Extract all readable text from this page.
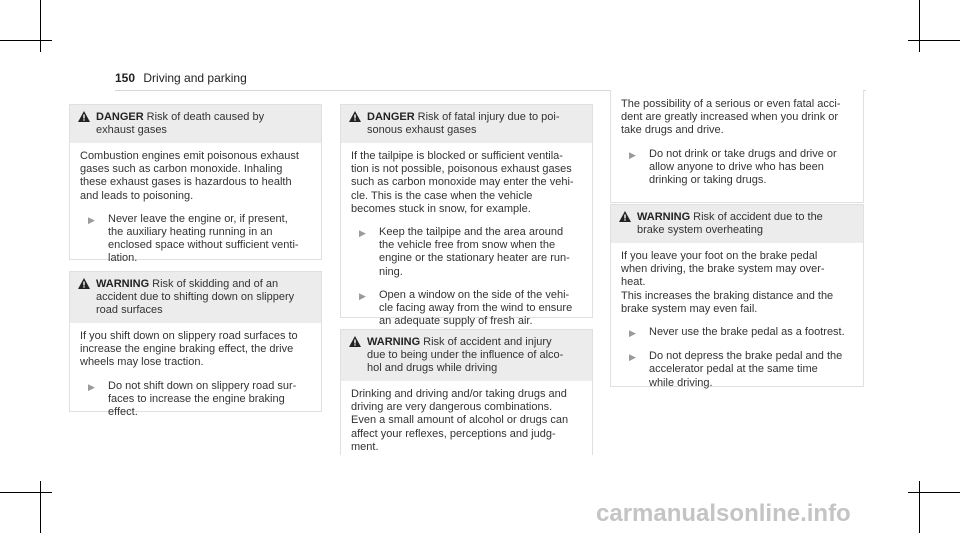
150 Driving and parking
DANGER Risk of death caused by
exhaust gases
Combustion engines emit poisonous exhaust
gases such as carbon monoxide. Inhaling
these exhaust gases is hazardous to health
and leads to poisoning.
▶	Never leave the engine or, if present,
the auxiliary heating running in an
enclosed space without sufficient venti-
lation.
WARNING Risk of skidding and of an
accident due to shifting down on slippery
road surfaces
If you shift down on slippery road surfaces to
increase the engine braking effect, the drive
wheels may lose traction.
▶	Do not shift down on slippery road sur-
faces to increase the engine braking
effect.
DANGER Risk of fatal injury due to poi-
sonous exhaust gases
If the tailpipe is blocked or sufficient ventila-
tion is not possible, poisonous exhaust gases
such as carbon monoxide may enter the vehi-
cle. This is the case when the vehicle
becomes stuck in snow, for example.
▶	Keep the tailpipe and the area around
the vehicle free from snow when the
engine or the stationary heater are run-
ning.
▶	Open a window on the side of the vehi-
cle facing away from the wind to ensure
an adequate supply of fresh air.
WARNING Risk of accident and injury
due to being under the influence of alco-
hol and drugs while driving
Drinking and driving and/or taking drugs and
driving are very dangerous combinations.
Even a small amount of alcohol or drugs can
affect your reflexes, perceptions and judg-
ment.
The possibility of a serious or even fatal acci-
dent are greatly increased when you drink or
take drugs and drive.
▶	Do not drink or take drugs and drive or
allow anyone to drive who has been
drinking or taking drugs.
WARNING Risk of accident due to the
brake system overheating
If you leave your foot on the brake pedal
when driving, the brake system may over-
heat.
This increases the braking distance and the
brake system may even fail.
▶	Never use the brake pedal as a footrest.
▶	Do not depress the brake pedal and the
accelerator pedal at the same time
while driving.
carmanualsonline.info
